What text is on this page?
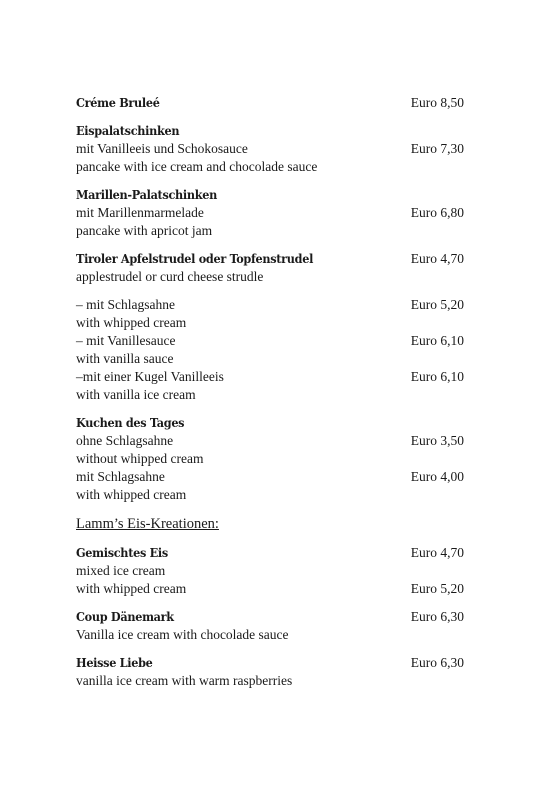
Créme Bruleé	Euro 8,50
Eispalatschinken
mit Vanilleeis und Schokosauce	Euro 7,30
pancake with ice cream and chocolade sauce
Marillen-Palatschinken
mit Marillenmarmelade	Euro 6,80
pancake with apricot jam
Tiroler Apfelstrudel oder Topfenstrudel	Euro 4,70
applestrudel or curd cheese strudle
– mit Schlagsahne	Euro 5,20
with whipped cream
– mit Vanillesauce	Euro 6,10
with vanilla sauce
–mit einer Kugel Vanilleeis	Euro 6,10
with vanilla ice cream
Kuchen des Tages
ohne Schlagsahne	Euro 3,50
without whipped cream
mit Schlagsahne	Euro 4,00
with whipped cream
Lamm’s Eis-Kreationen:
Gemischtes Eis	Euro 4,70
mixed ice cream
with whipped cream	Euro 5,20
Coup Dänemark	Euro 6,30
Vanilla ice cream with chocolade sauce
Heisse Liebe	Euro 6,30
vanilla ice cream with warm raspberries
